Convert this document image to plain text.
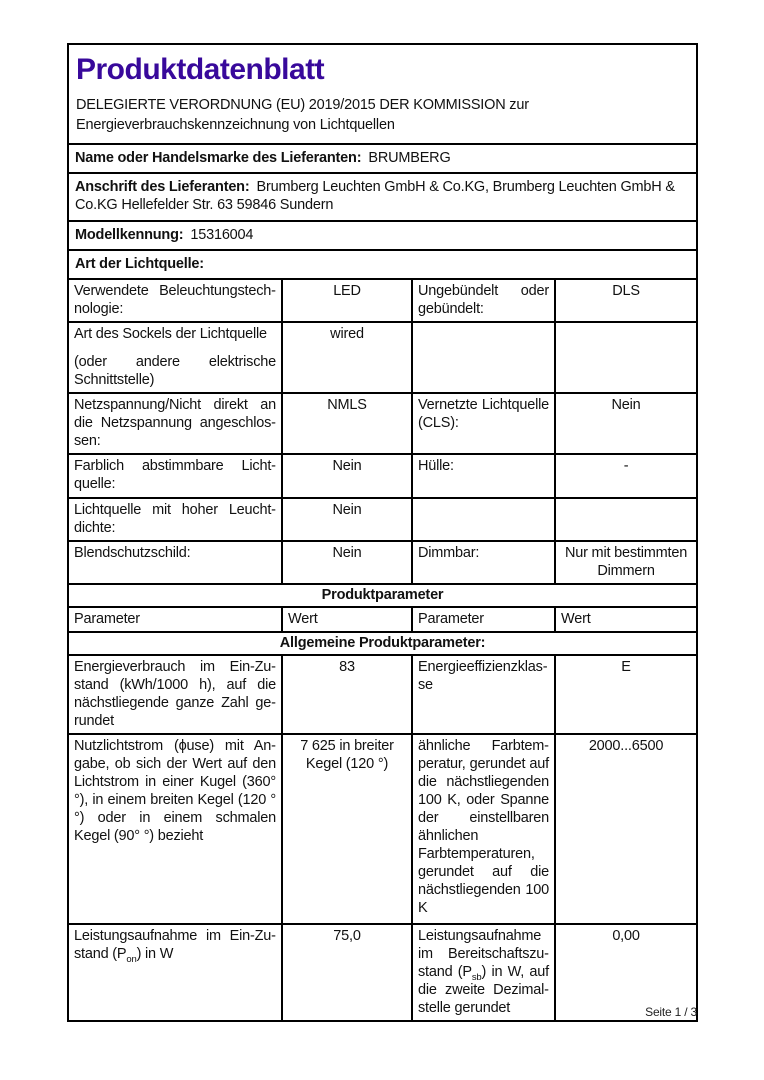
Produktdatenblatt

DELEGIERTE VERORDNUNG (EU) 2019/2015 DER KOMMISSION zur
Energieverbrauchskennzeichnung von Lichtquellen

Name oder Handelsmarke des Lieferanten: BRUMBERG			
Anschrift des Lieferanten: Brumberg Leuchten GmbH & Co.KG, Brumberg Leuchten GmbH & Co.KG Hellefelder Str. 63 59846 Sundern			
Modellkennung: 15316004			
Art der Lichtquelle:			
Verwendete Beleuchtungstechnologie:	LED	Ungebündelt oder gebündelt:	DLS

Art des Sockels der Lichtquelle
(oder andere elektrische Schnittstelle)	wired		
Netzspannung/Nicht direkt an die Netzspannung angeschlossen:	NMLS	Vernetzte Lichtquelle (CLS):	Nein
Farblich abstimmbare Lichtquelle:	Nein	Hülle:	-
Lichtquelle mit hoher Leuchtdichte:	Nein		
Blendschutzschild:	Nein	Dimmbar:	Nur mit bestimmten Dimmern
Produktparameter			
Parameter	Wert	Parameter	Wert
Allgemeine Produktparameter:			
Energieverbrauch im Ein-Zustand (kWh/1000 h), auf die nächstliegende ganze Zahl gerundet	83	Energieeffizienzklasse	E
Nutzlichtstrom (ϕuse) mit Angabe, ob sich der Wert auf den Lichtstrom in einer Kugel (360° °), in einem breiten Kegel (120 °°) oder in einem schmalen Kegel (90° °) bezieht	7 625 in breiter Kegel (120 °)	ähnliche Farbtemperatur, gerundet auf die nächstliegenden 100 K, oder Spanne der einstellbaren ähnlichen Farbtemperaturen, gerundet auf die nächstliegenden 100 K	2000...6500
Leistungsaufnahme im Ein-Zustand $(P_{on})$ in W	75,0	Leistungsaufnahme im Bereitschaftszustand $(P_{sb})$ in W, auf die zweite Dezimalstelle gerundet	0,00
Seite 1 / 3
